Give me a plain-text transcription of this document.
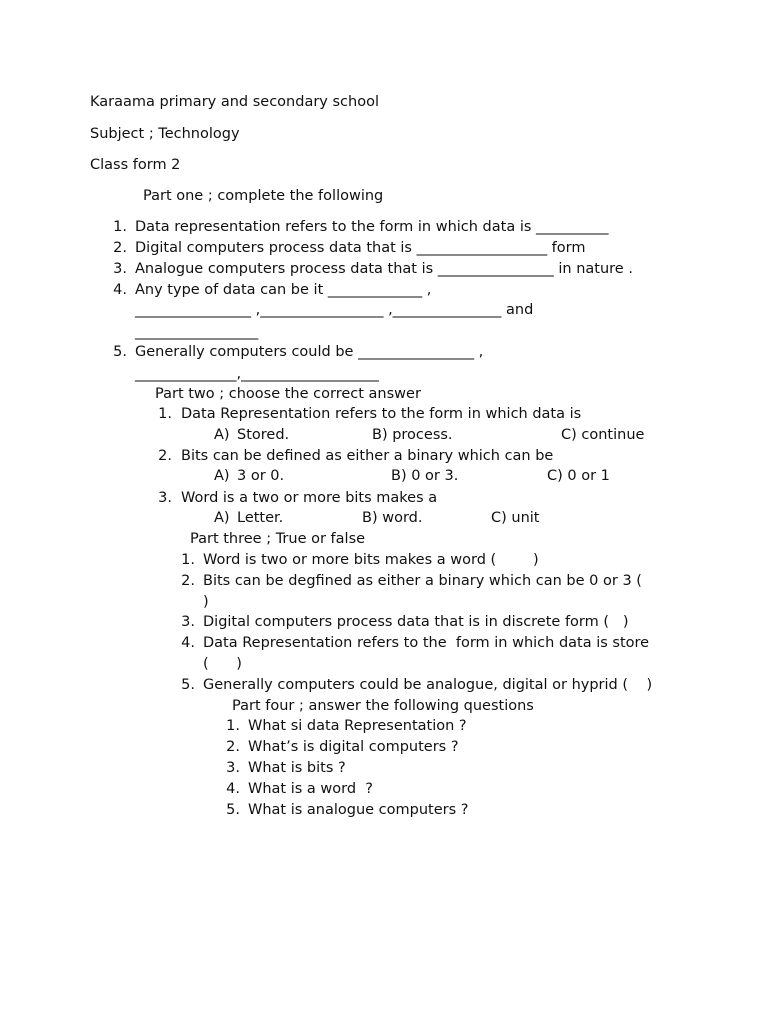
Karaama primary and secondary school
Subject ; Technology
Class form 2
Part one ; complete the following
1. Data representation refers to the form in which data is __________
2. Digital computers process data that is __________________ form
3. Analogue computers process data that is ________________ in nature .
4. Any type of data can be it _____________ ,
________________ ,_________________ ,_______________ and
_________________
5. Generally computers could be ________________ ,
______________,___________________
Part two ; choose the correct answer
1. Data Representation refers to the form in which data is
A) Stored.	B) process.	C) continue
2. Bits can be defined as either a binary which can be
A) 3 or 0.	B) 0 or 3.	C) 0 or 1
3. Word is a two or more bits makes a
A) Letter.	B) word.	C) unit
Part three ; True or false
1. Word is two or more bits makes a word (        )
2. Bits can be degfined as either a binary which can be 0 or 3 (
)
3. Digital computers process data that is in discrete form (   )
4. Data Representation refers to the  form in which data is store
(      )
5. Generally computers could be analogue, digital or hyprid (    )
Part four ; answer the following questions
1. What si data Representation ?
2. What’s is digital computers ?
3. What is bits ?
4. What is a word  ?
5. What is analogue computers ?
